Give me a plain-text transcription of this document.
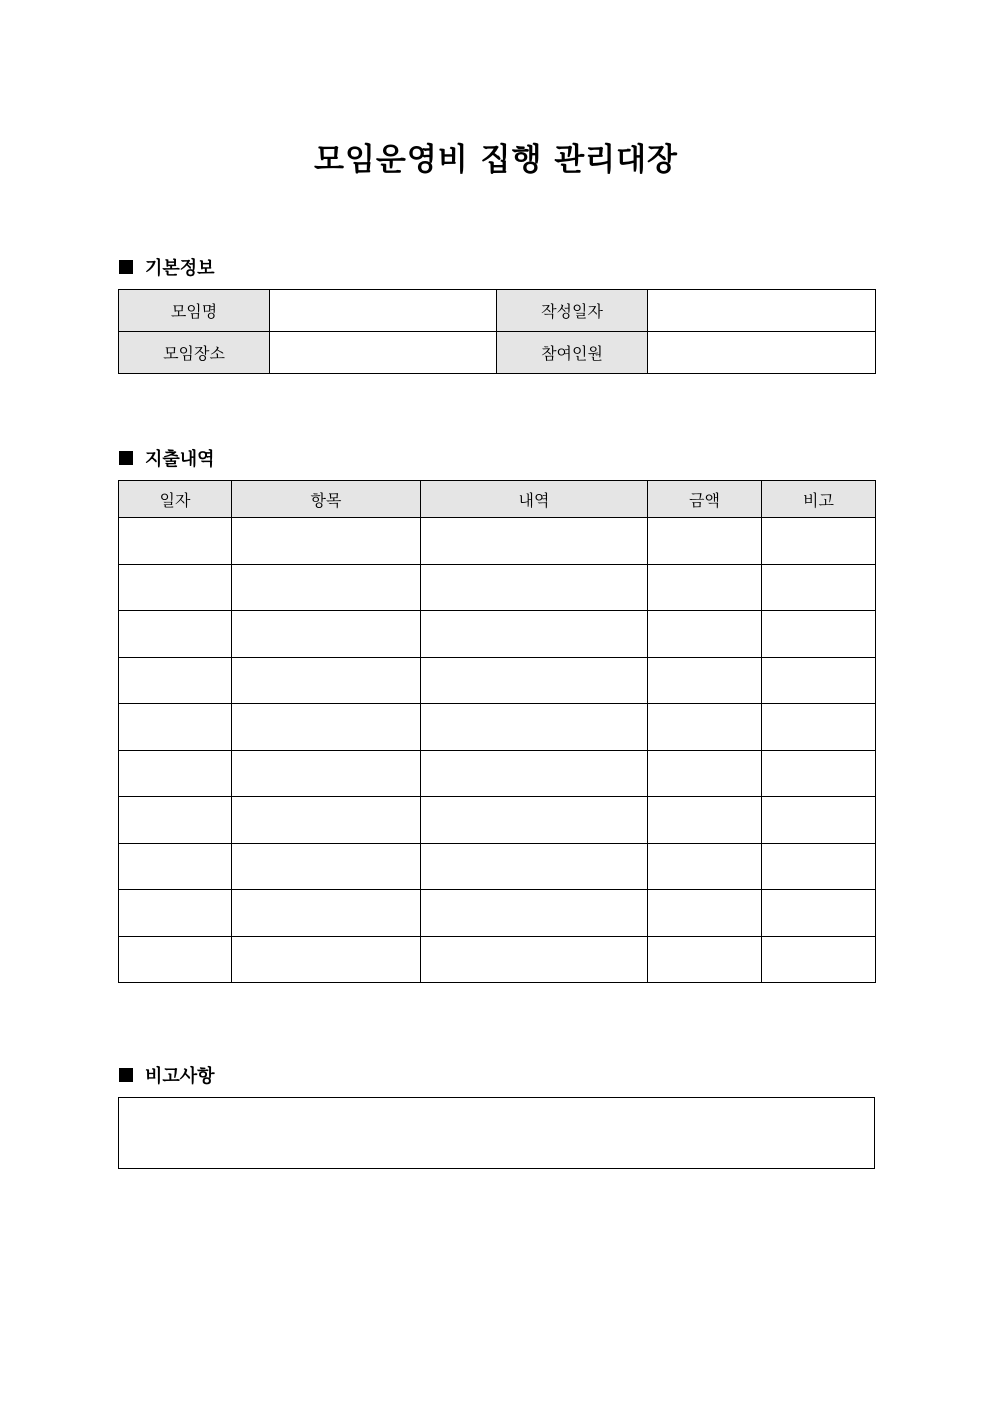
모임운영비 집행 관리대장
기본정보
모임명		작성일자	
모임장소		참여인원	
지출내역
일자	항목	내역	금액	비고

비고사항
